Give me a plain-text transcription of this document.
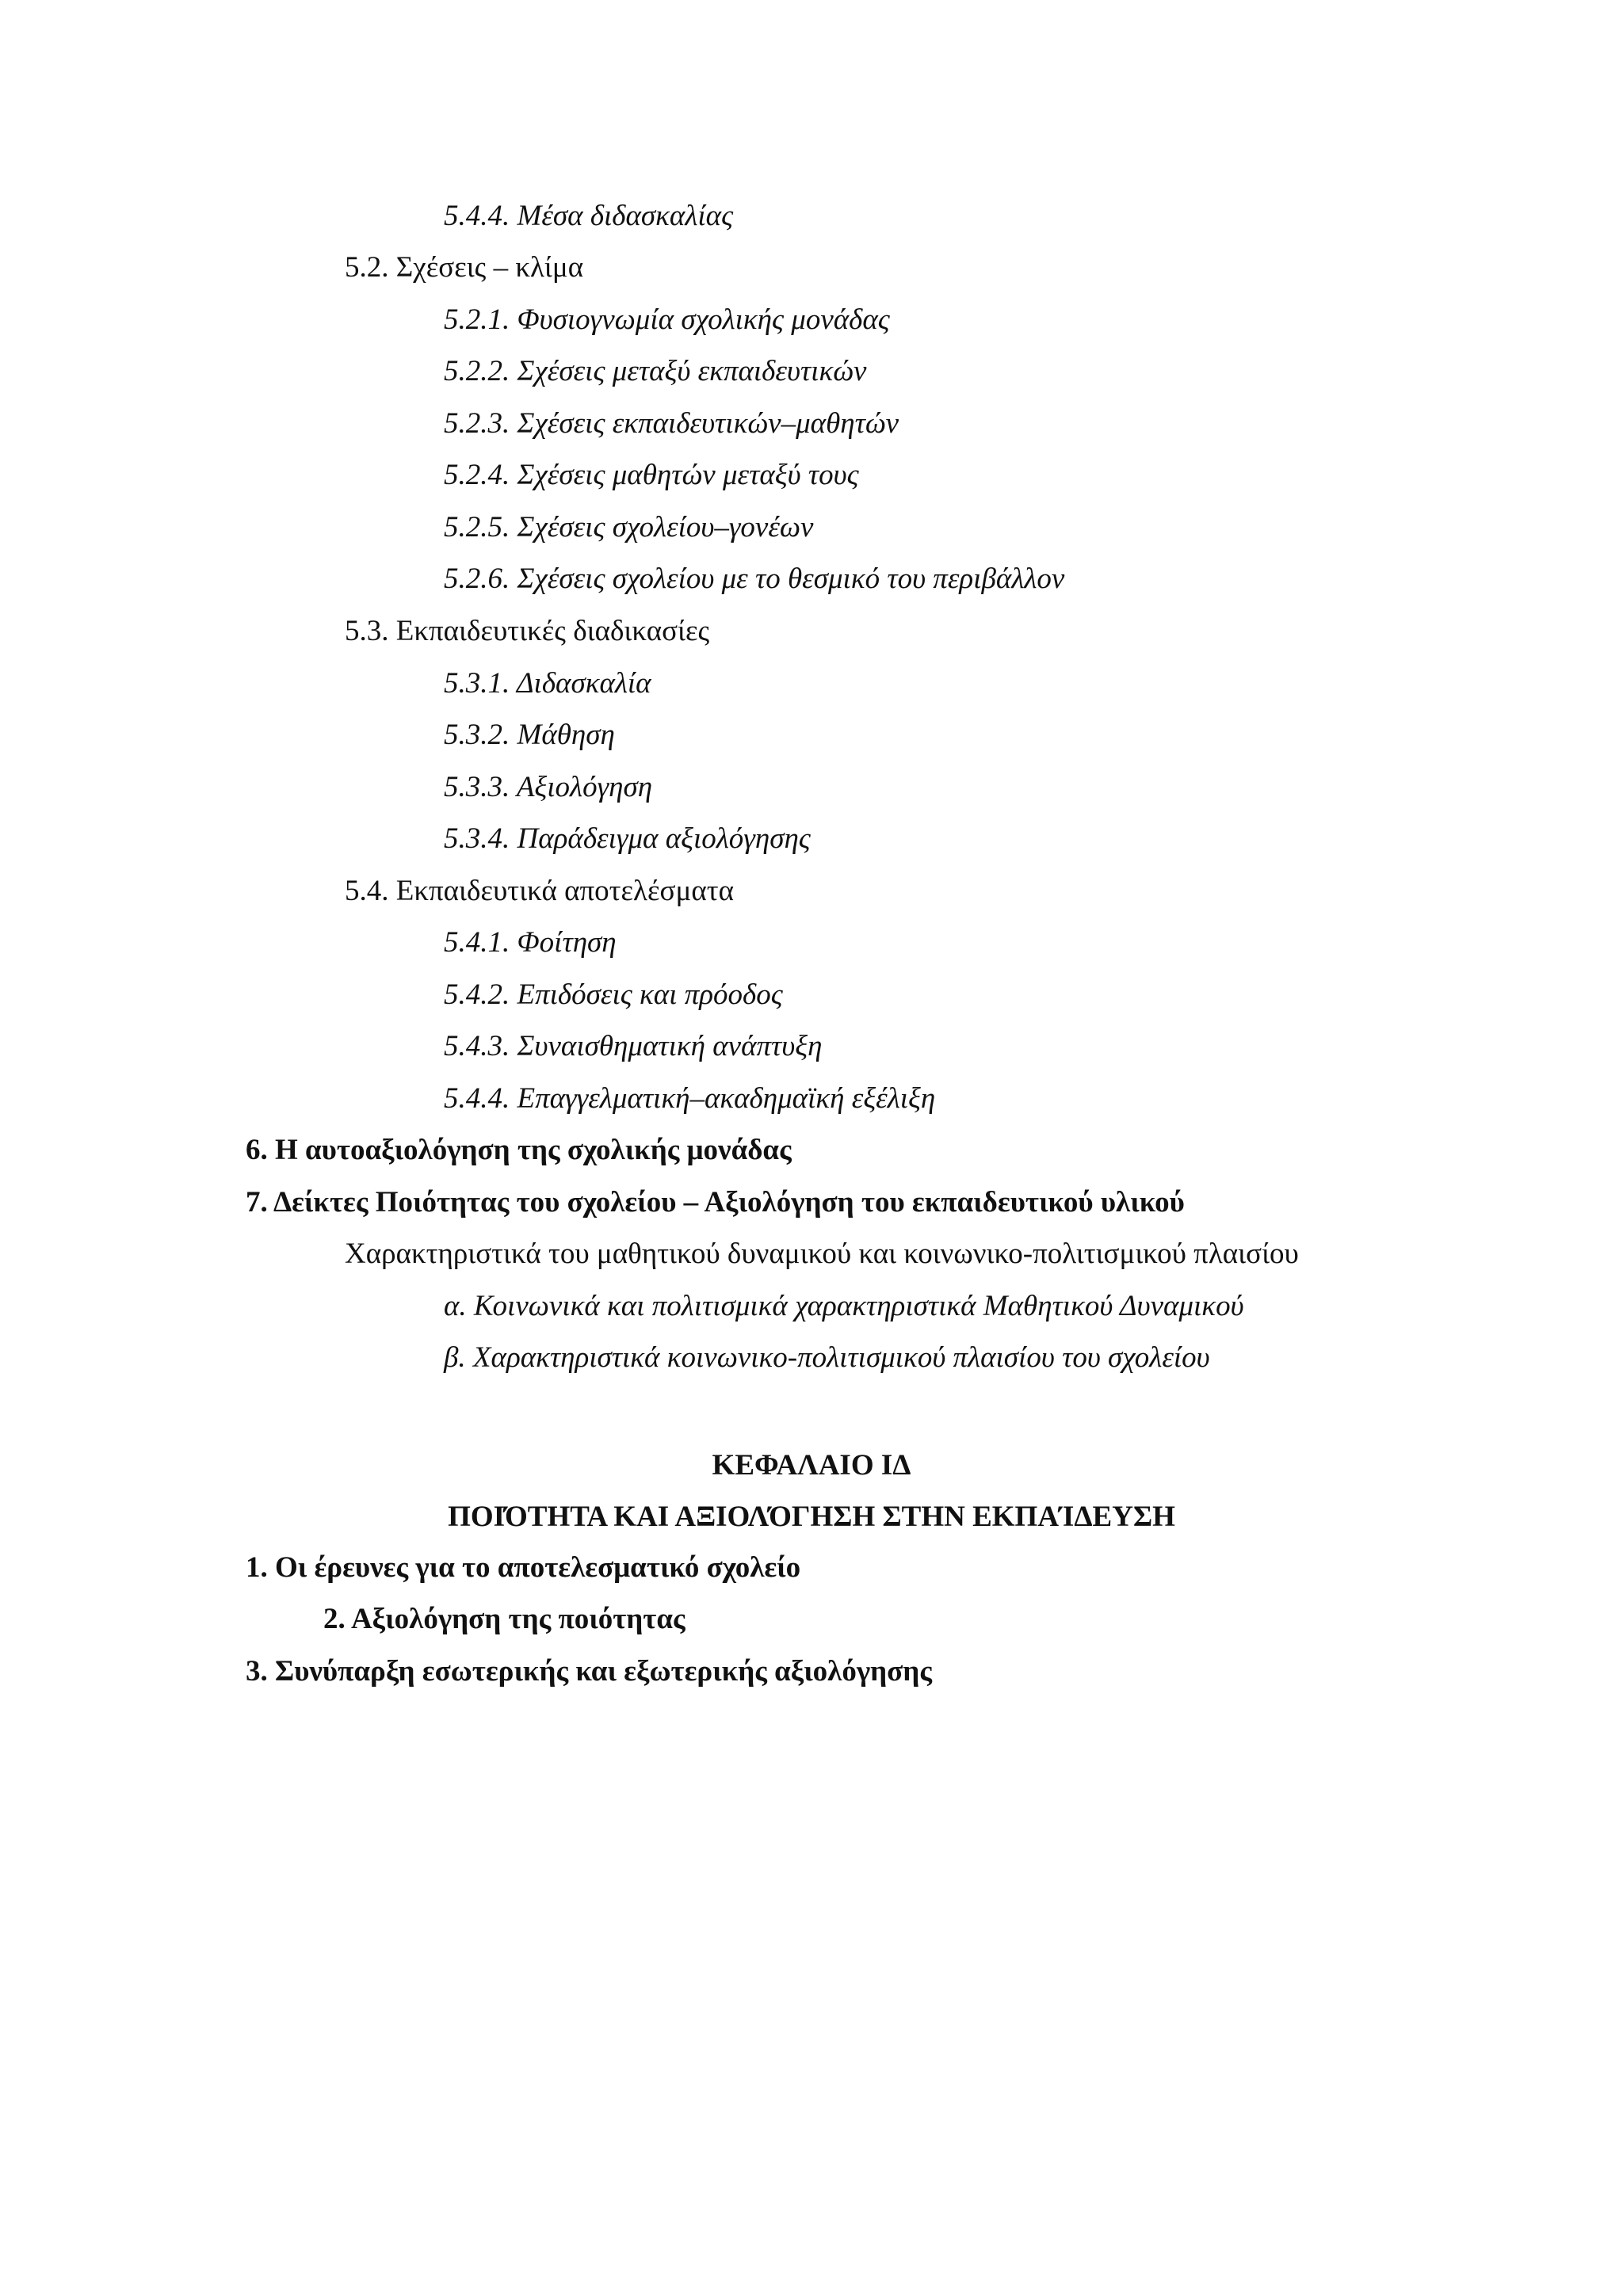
5.4.4. Μέσα διδασκαλίας
5.2. Σχέσεις – κλίμα
5.2.1. Φυσιογνωμία σχολικής μονάδας
5.2.2. Σχέσεις μεταξύ εκπαιδευτικών
5.2.3. Σχέσεις εκπαιδευτικών–μαθητών
5.2.4. Σχέσεις μαθητών μεταξύ τους
5.2.5. Σχέσεις σχολείου–γονέων
5.2.6. Σχέσεις σχολείου με το θεσμικό του περιβάλλον
5.3. Εκπαιδευτικές διαδικασίες
5.3.1. Διδασκαλία
5.3.2. Μάθηση
5.3.3. Αξιολόγηση
5.3.4. Παράδειγμα αξιολόγησης
5.4. Εκπαιδευτικά αποτελέσματα
5.4.1. Φοίτηση
5.4.2. Επιδόσεις και πρόοδος
5.4.3. Συναισθηματική ανάπτυξη
5.4.4. Επαγγελματική–ακαδημαϊκή εξέλιξη
6. Η αυτοαξιολόγηση της σχολικής μονάδας
7. Δείκτες Ποιότητας του σχολείου – Αξιολόγηση του εκπαιδευτικού υλικού
Χαρακτηριστικά του μαθητικού δυναμικού και κοινωνικο-πολιτισμικού πλαισίου
α. Κοινωνικά και πολιτισμικά χαρακτηριστικά Μαθητικού Δυναμικού
β. Χαρακτηριστικά κοινωνικο-πολιτισμικού πλαισίου του σχολείου
ΚΕΦΑΛΑΙΟ ΙΔ
ΠΟΙΌΤΗΤΑ ΚΑΙ ΑΞΙΟΛΌΓΗΣΗ ΣΤΗΝ ΕΚΠΑΊΔΕΥΣΗ
1. Οι έρευνες για το αποτελεσματικό σχολείο
2. Αξιολόγηση της ποιότητας
3. Συνύπαρξη εσωτερικής και εξωτερικής αξιολόγησης
